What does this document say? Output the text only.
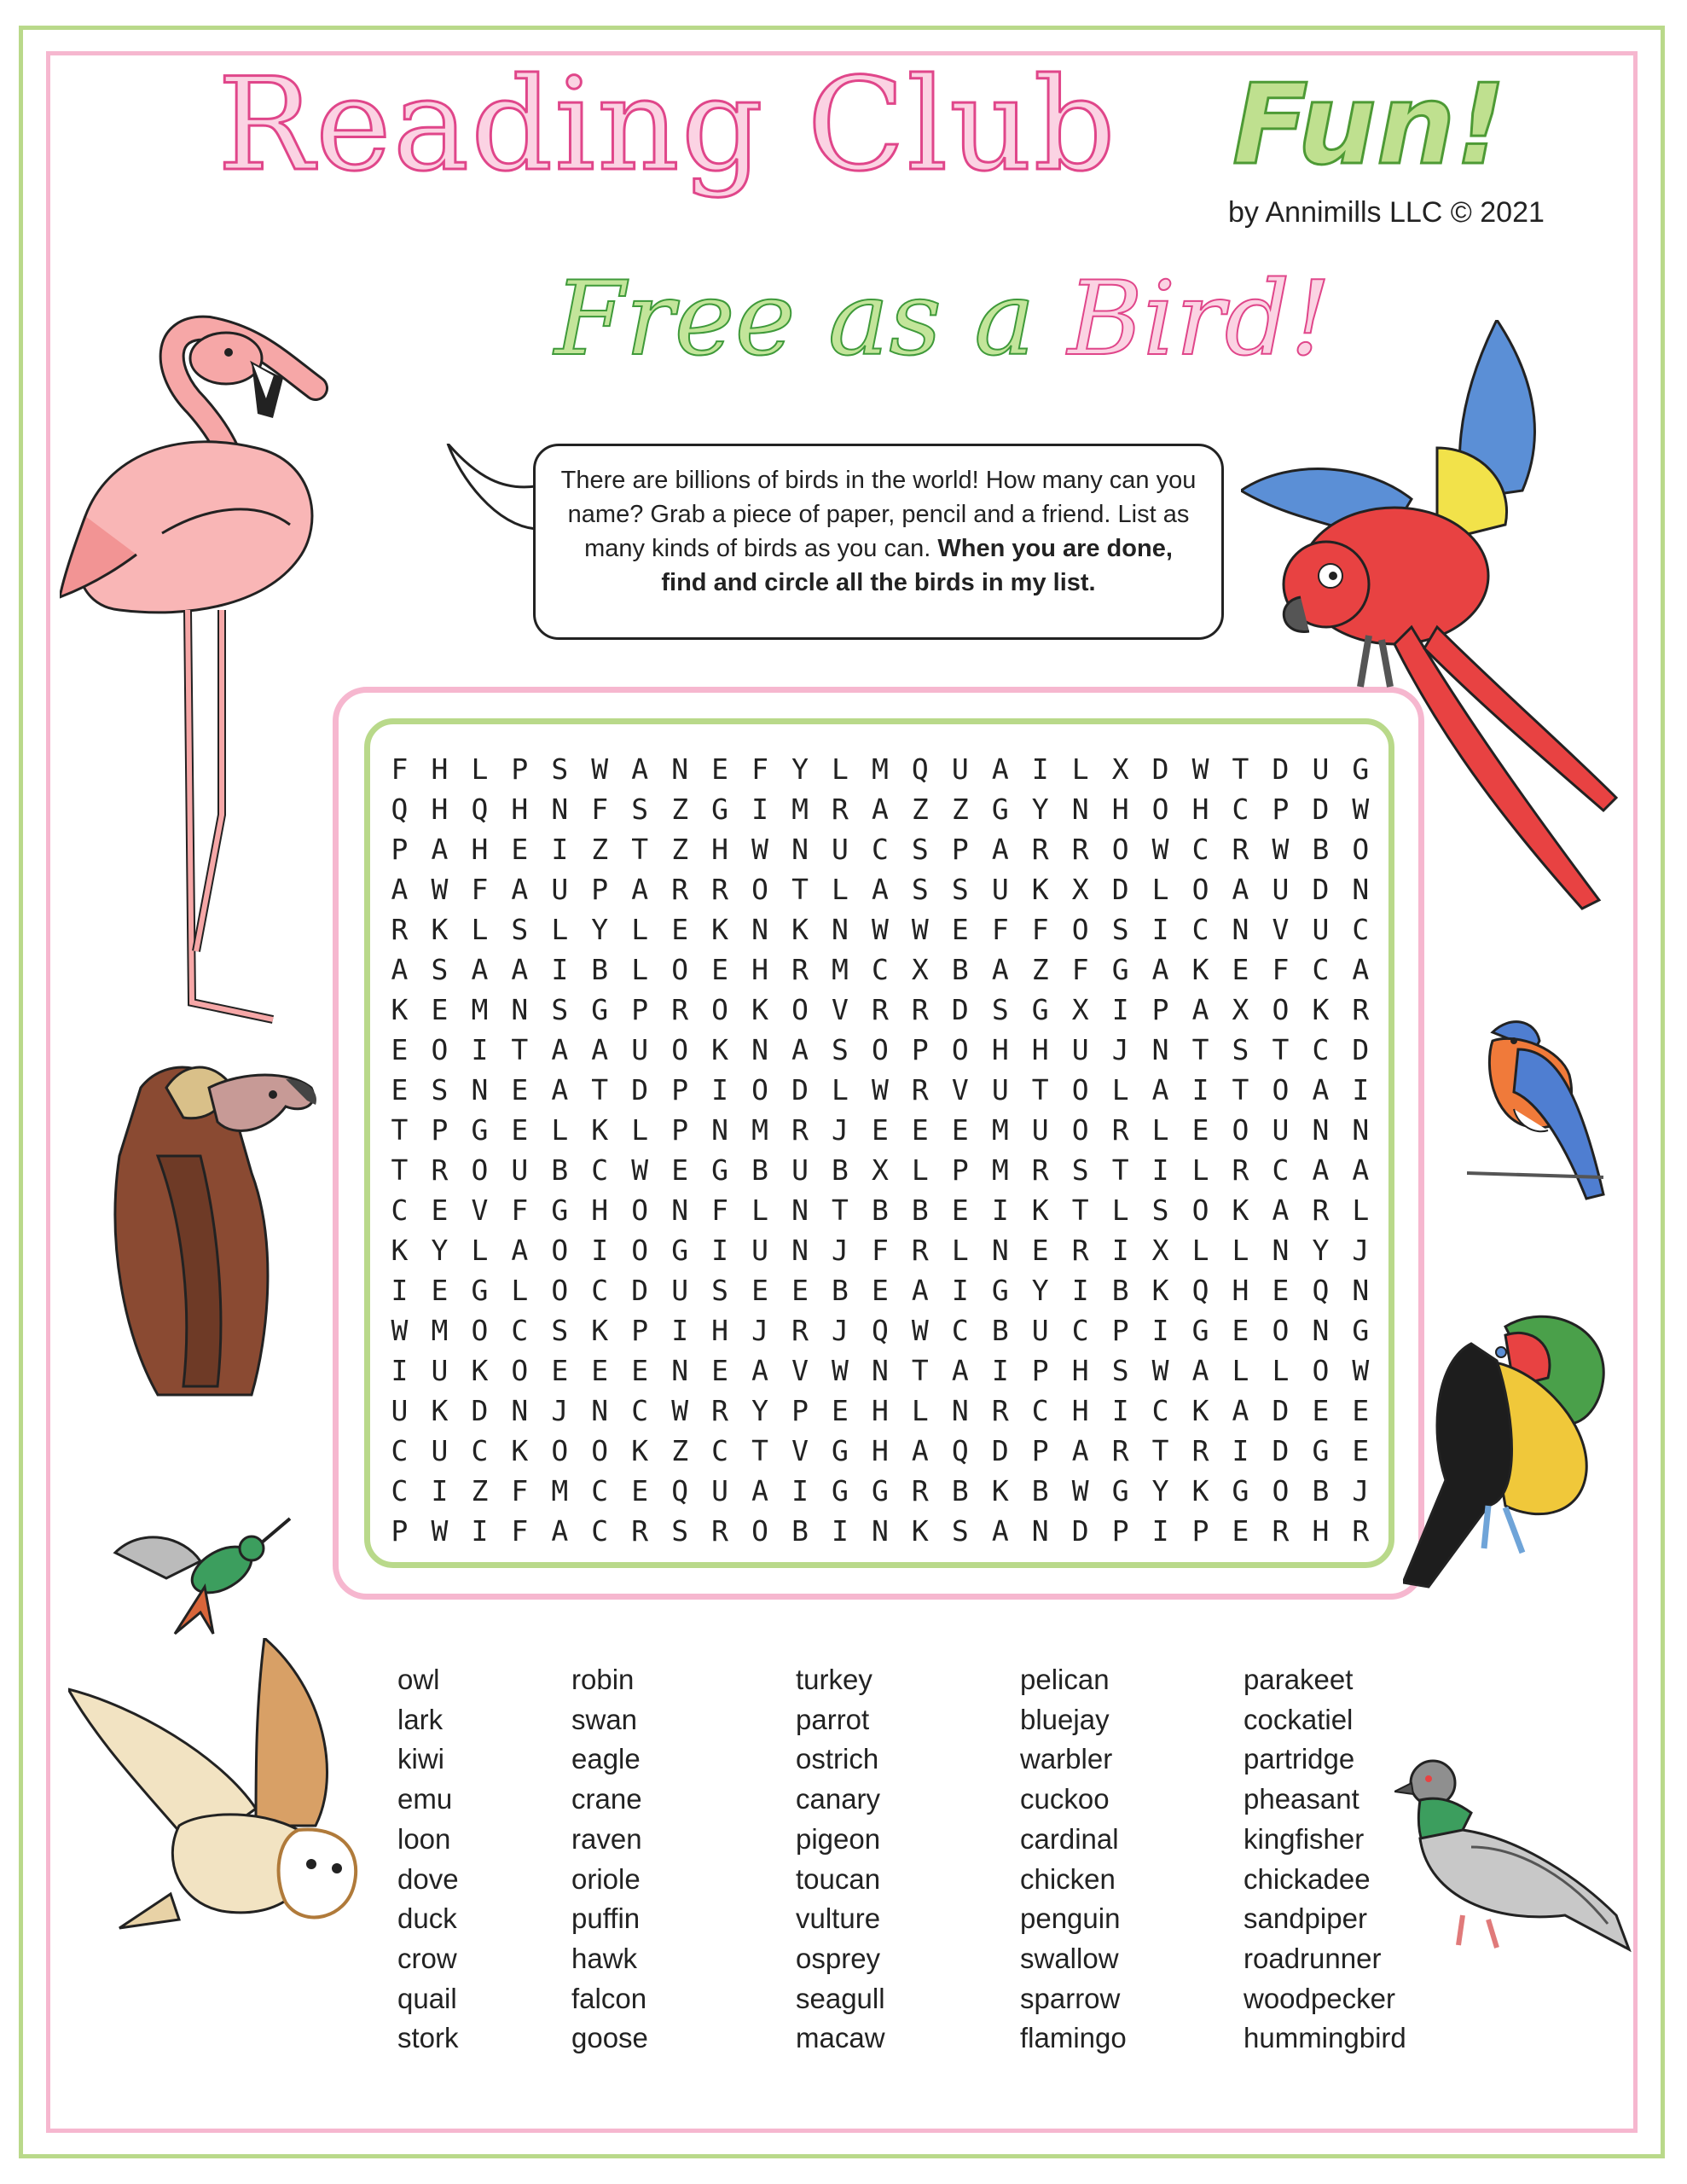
Reading Club Fun!
by Annimills LLC © 2021
Free as a Bird!
There are billions of birds in the world! How many can you name? Grab a piece of paper, pencil and a friend. List as many kinds of birds as you can. When you are done, find and circle all the birds in my list.
F H L P S W A N E F Y L M Q U A I L X D W T D U G
Q H Q H N F S Z G I M R A Z Z G Y N H O H C P D W
P A H E I Z T Z H W N U C S P A R R O W C R W B O
A W F A U P A R R O T L A S S U K X D L O A U D N
R K L S L Y L E K N K N W W E F F O S I C N V U C
A S A A I B L O E H R M C X B A Z F G A K E F C A
K E M N S G P R O K O V R R D S G X I P A X O K R
E O I T A A U O K N A S O P O H H U J N T S T C D
E S N E A T D P I O D L W R V U T O L A I T O A I
T P G E L K L P N M R J E E E M U O R L E O U N N
T R O U B C W E G B U B X L P M R S T I L R C A A
C E V F G H O N F L N T B B E I K T L S O K A R L
K Y L A O I O G I U N J F R L N E R I X L L N Y J
I E G L O C D U S E E B E A I G Y I B K Q H E Q N
W M O C S K P I H J R J Q W C B U C P I G E O N G
I U K O E E E N E A V W N T A I P H S W A L L O W
U K D N J N C W R Y P E H L N R C H I C K A D E E
C U C K O O K Z C T V G H A Q D P A R T R I D G E
C I Z F M C E Q U A I G G R B K B W G Y K G O B J
P W I F A C R S R O B I N K S A N D P I P E R H R
owl
lark
kiwi
emu
loon
dove
duck
crow
quail
stork
robin
swan
eagle
crane
raven
oriole
puffin
hawk
falcon
goose
turkey
parrot
ostrich
canary
pigeon
toucan
vulture
osprey
seagull
macaw
pelican
bluejay
warbler
cuckoo
cardinal
chicken
penguin
swallow
sparrow
flamingo
parakeet
cockatiel
partridge
pheasant
kingfisher
chickadee
sandpiper
roadrunner
woodpecker
hummingbird
